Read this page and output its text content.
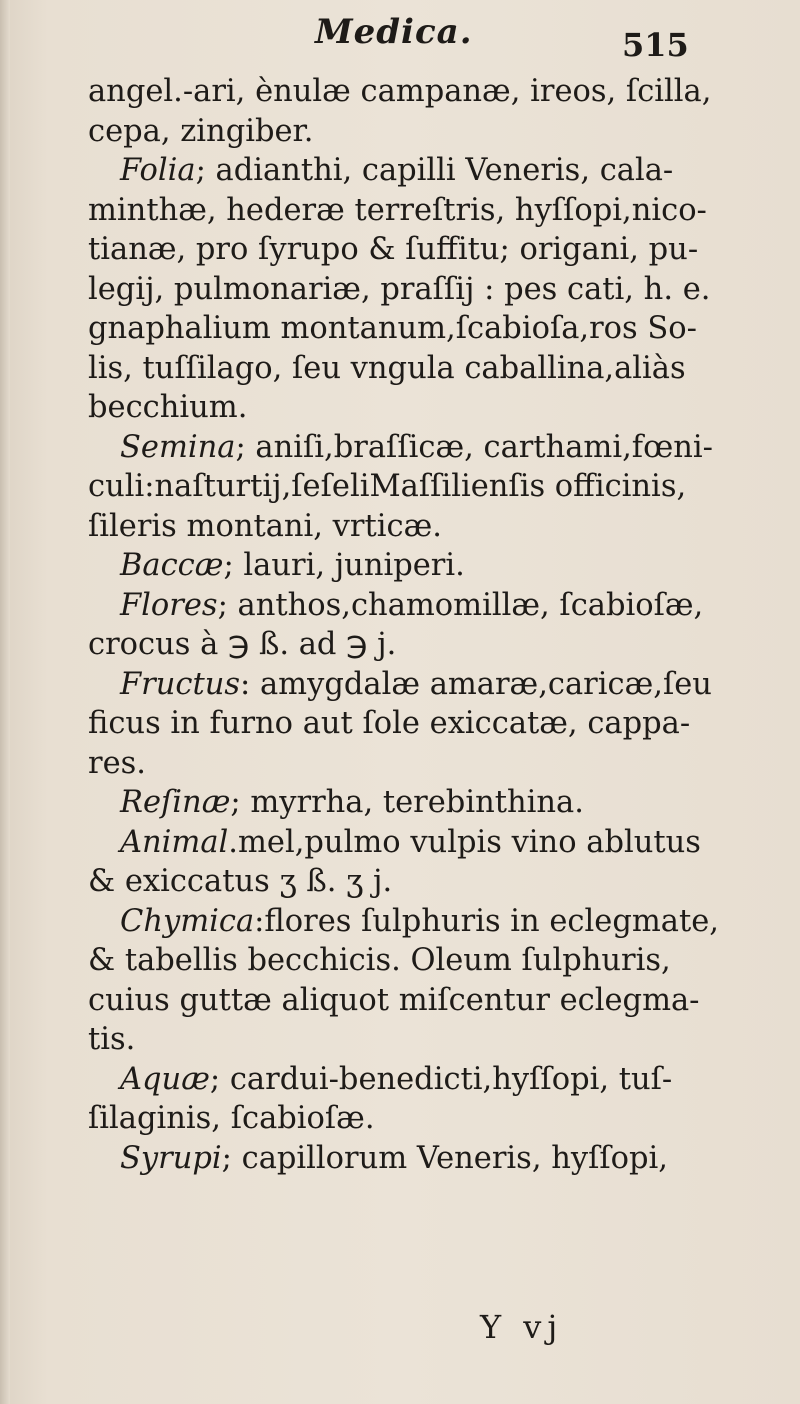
Medica.	515
angel.-ari, ènulæ campanæ, ireos, ſcilla,
cepa, zingiber.
Folia; adianthi, capilli Veneris, cala-
minthæ, hederæ terreſtris, hyſſopi,nico-
tianæ, pro ſyrupo & ſuffitu; origani, pu-
legij, pulmonariæ, praſſij : pes cati, h. e.
gnaphalium montanum,ſcabioſa,ros So-
lis, tuſſilago, ſeu vngula caballina,aliàs
becchium.
Semina; aniſi,braſſicæ, carthami,fœni-
culi:naſturtij,ſeſeliMaſſilienſis officinis,
ſileris montani, vrticæ.
Baccæ; lauri, juniperi.
Flores; anthos,chamomillæ, ſcabioſæ,
crocus à ℈ ß. ad ℈ j.
Fructus: amygdalæ amaræ,caricæ,ſeu
ficus in furno aut ſole exiccatæ, cappa-
res.
Reſinæ; myrrha, terebinthina.
Animal.mel,pulmo vulpis vino ablutus
& exiccatus ʒ ß. ʒ j.
Chymica:flores ſulphuris in eclegmate,
& tabellis becchicis. Oleum ſulphuris,
cuius guttæ aliquot miſcentur eclegma-
tis.
Aquæ; cardui-benedicti,hyſſopi, tuſ-
ſilaginis, ſcabioſæ.
Syrupi; capillorum Veneris, hyſſopi,
Y vj
